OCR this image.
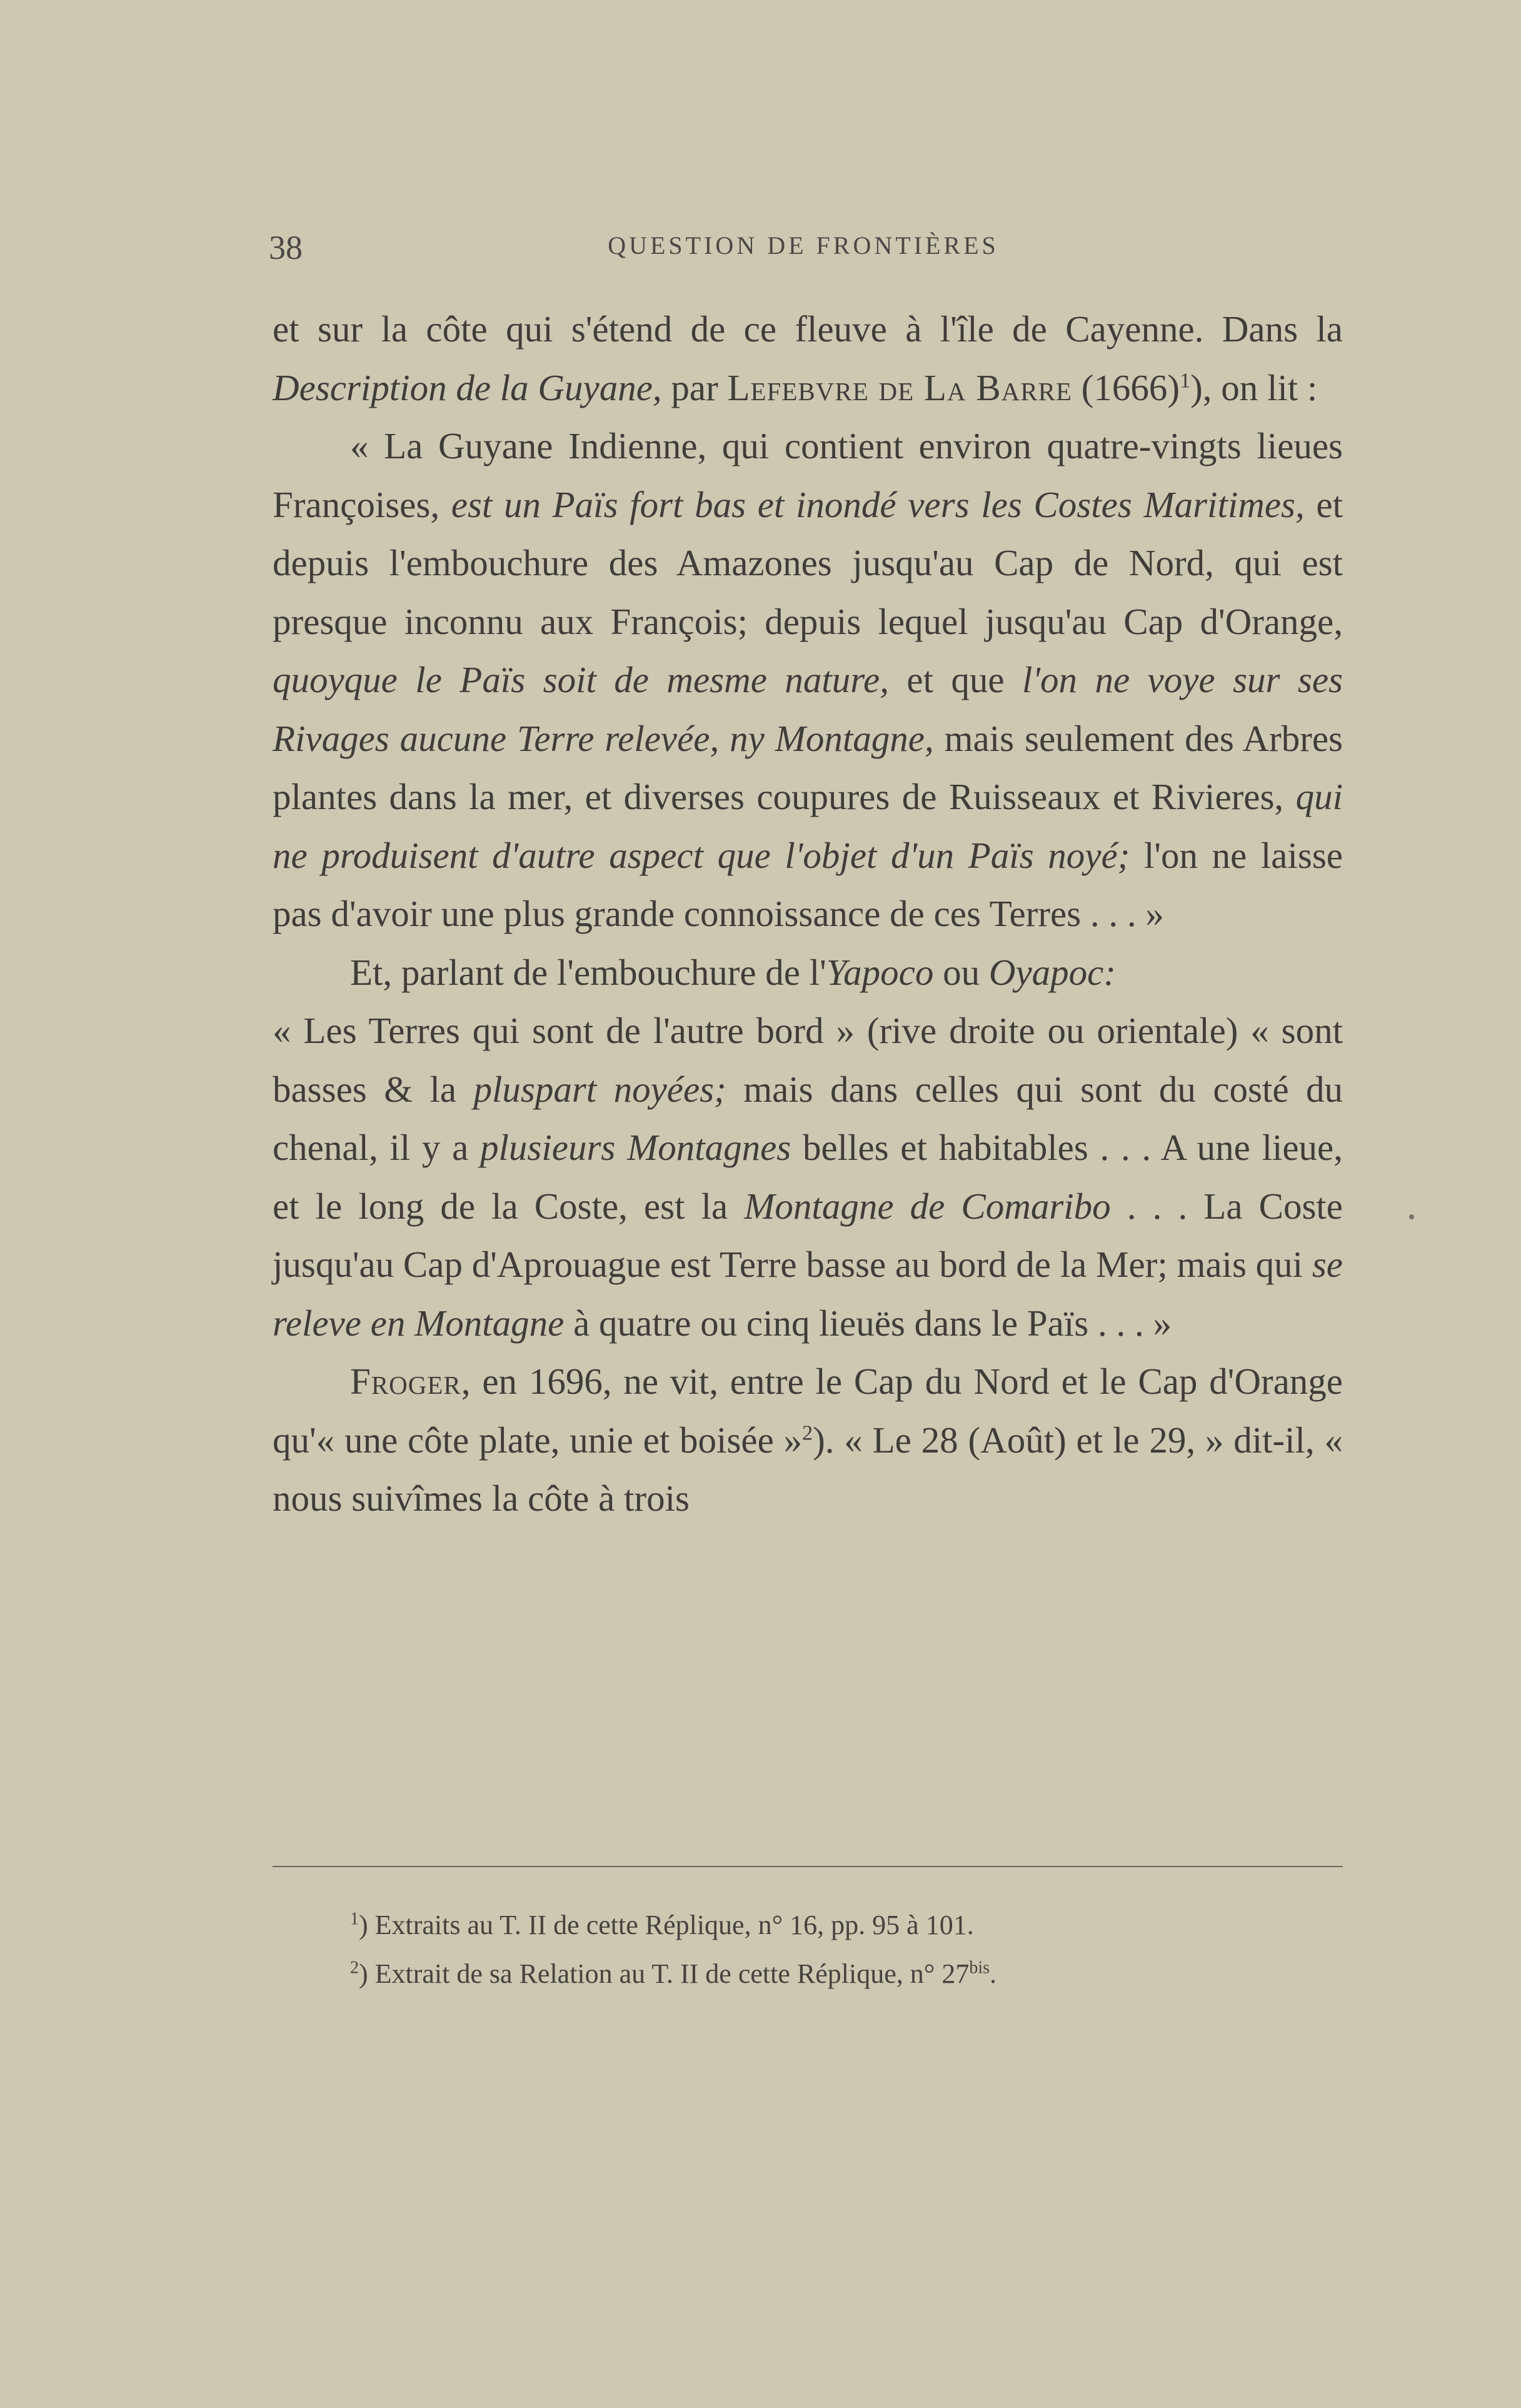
38	QUESTION DE FRONTIÈRES

et sur la côte qui s'étend de ce fleuve à l'île de Cayenne. Dans la Description de la Guyane, par Lefebvre de La Barre $(1666)^1$), on lit :

« La Guyane Indienne, qui contient environ quatre-vingts lieues Françoises, est un Païs fort bas et inondé vers les Costes Maritimes, et depuis l'embouchure des Amazones jusqu'au Cap de Nord, qui est presque inconnu aux François; depuis lequel jusqu'au Cap d'Orange, quoyque le Païs soit de mesme nature, et que l'on ne voye sur ses Rivages aucune Terre relevée, ny Montagne, mais seulement des Arbres plantes dans la mer, et diverses coupures de Ruisseaux et Rivieres, qui ne produisent d'autre aspect que l'objet d'un Païs noyé; l'on ne laisse pas d'avoir une plus grande connoissance de ces Terres . . . »

Et, parlant de l'embouchure de l'Yapoco ou Oyapoc:

« Les Terres qui sont de l'autre bord » (rive droite ou orientale) « sont basses & la pluspart noyées; mais dans celles qui sont du costé du chenal, il y a plusieurs Montagnes belles et habitables . . . A une lieue, et le long de la Coste, est la Montagne de Comaribo . . . La Coste jusqu'au Cap d'Aprouague est Terre basse au bord de la Mer; mais qui se releve en Montagne à quatre ou cinq lieuës dans le Païs . . . »

Froger, en 1696, ne vit, entre le Cap du Nord et le Cap d'Orange qu'« une côte plate, unie et boisée »$^2$). « Le 28 (Août) et le 29, » dit-il, « nous suivîmes la côte à trois

$^1$) Extraits au T. II de cette Réplique, n° 16, pp. 95 à 101.
$^2$) Extrait de sa Relation au T. II de cette Réplique, n° $27^{bis}$.
